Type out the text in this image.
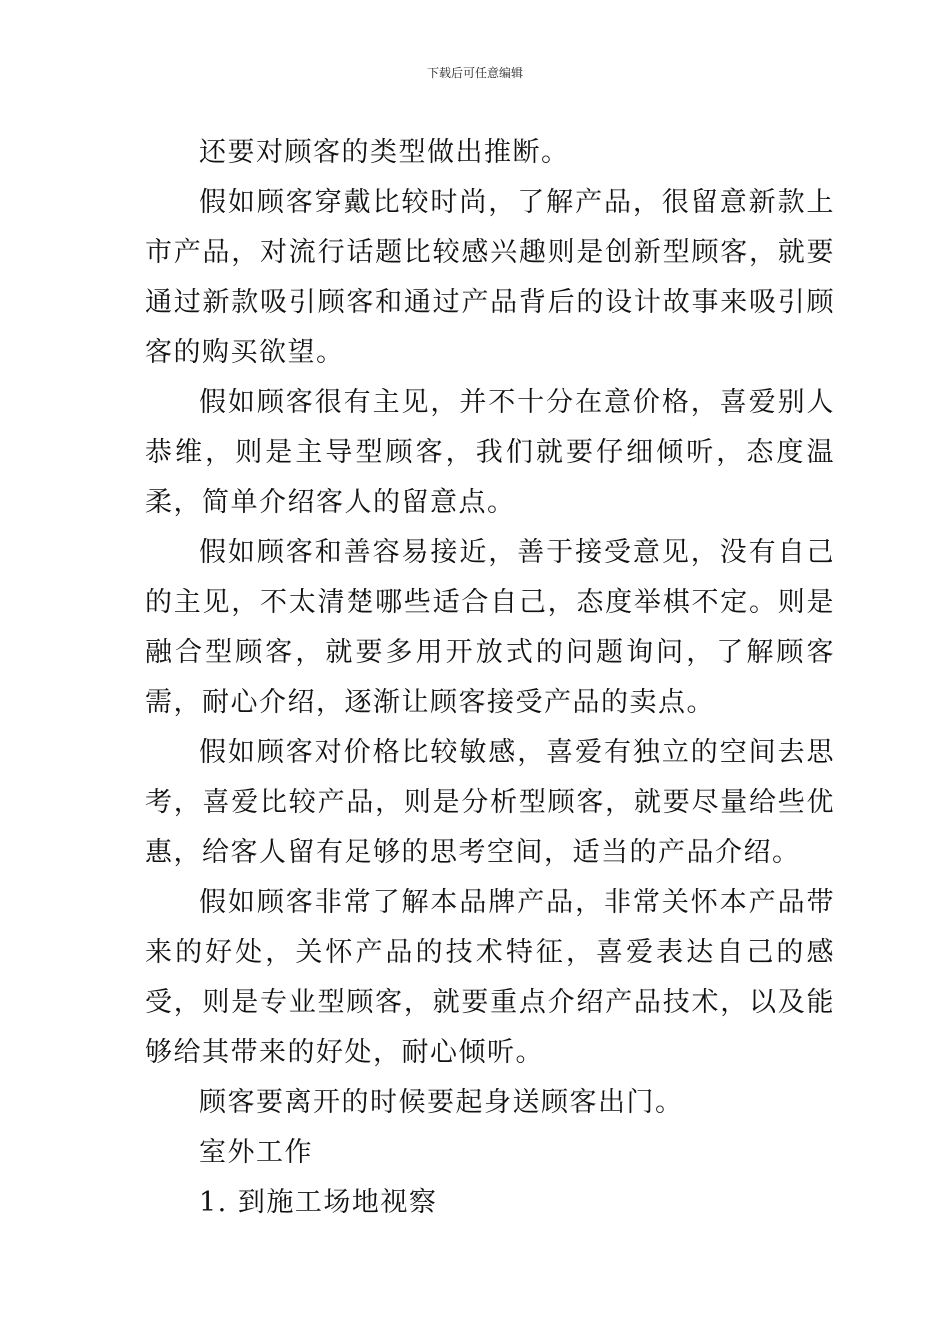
下载后可任意编辑

还要对顾客的类型做出推断。

假如顾客穿戴比较时尚，了解产品，很留意新款上市产品，对流行话题比较感兴趣则是创新型顾客，就要通过新款吸引顾客和通过产品背后的设计故事来吸引顾客的购买欲望。

假如顾客很有主见，并不十分在意价格，喜爱别人恭维，则是主导型顾客，我们就要仔细倾听，态度温柔，简单介绍客人的留意点。

假如顾客和善容易接近，善于接受意见，没有自己的主见，不太清楚哪些适合自己，态度举棋不定。则是融合型顾客，就要多用开放式的问题询问，了解顾客需，耐心介绍，逐渐让顾客接受产品的卖点。

假如顾客对价格比较敏感，喜爱有独立的空间去思考，喜爱比较产品，则是分析型顾客，就要尽量给些优惠，给客人留有足够的思考空间，适当的产品介绍。

假如顾客非常了解本品牌产品，非常关怀本产品带来的好处，关怀产品的技术特征，喜爱表达自己的感受，则是专业型顾客，就要重点介绍产品技术，以及能够给其带来的好处，耐心倾听。

顾客要离开的时候要起身送顾客出门。

室外工作

1. 到施工场地视察
